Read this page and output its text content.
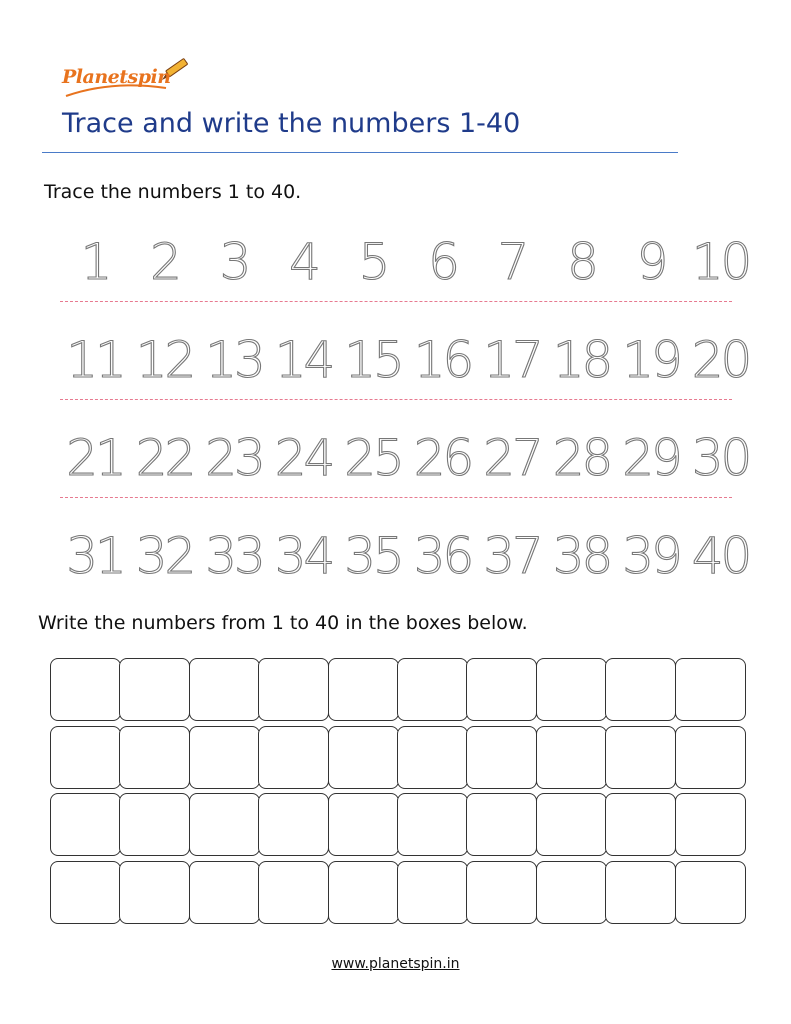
Planetspin
Trace and write the numbers 1-40
Trace the numbers 1 to 40.
1 2 3 4 5 6 7 8 9 10
11 12 13 14 15 16 17 18 19 20
21 22 23 24 25 26 27 28 29 30
31 32 33 34 35 36 37 38 39 40
Write the numbers from 1 to 40 in the boxes below.
www.planetspin.in
